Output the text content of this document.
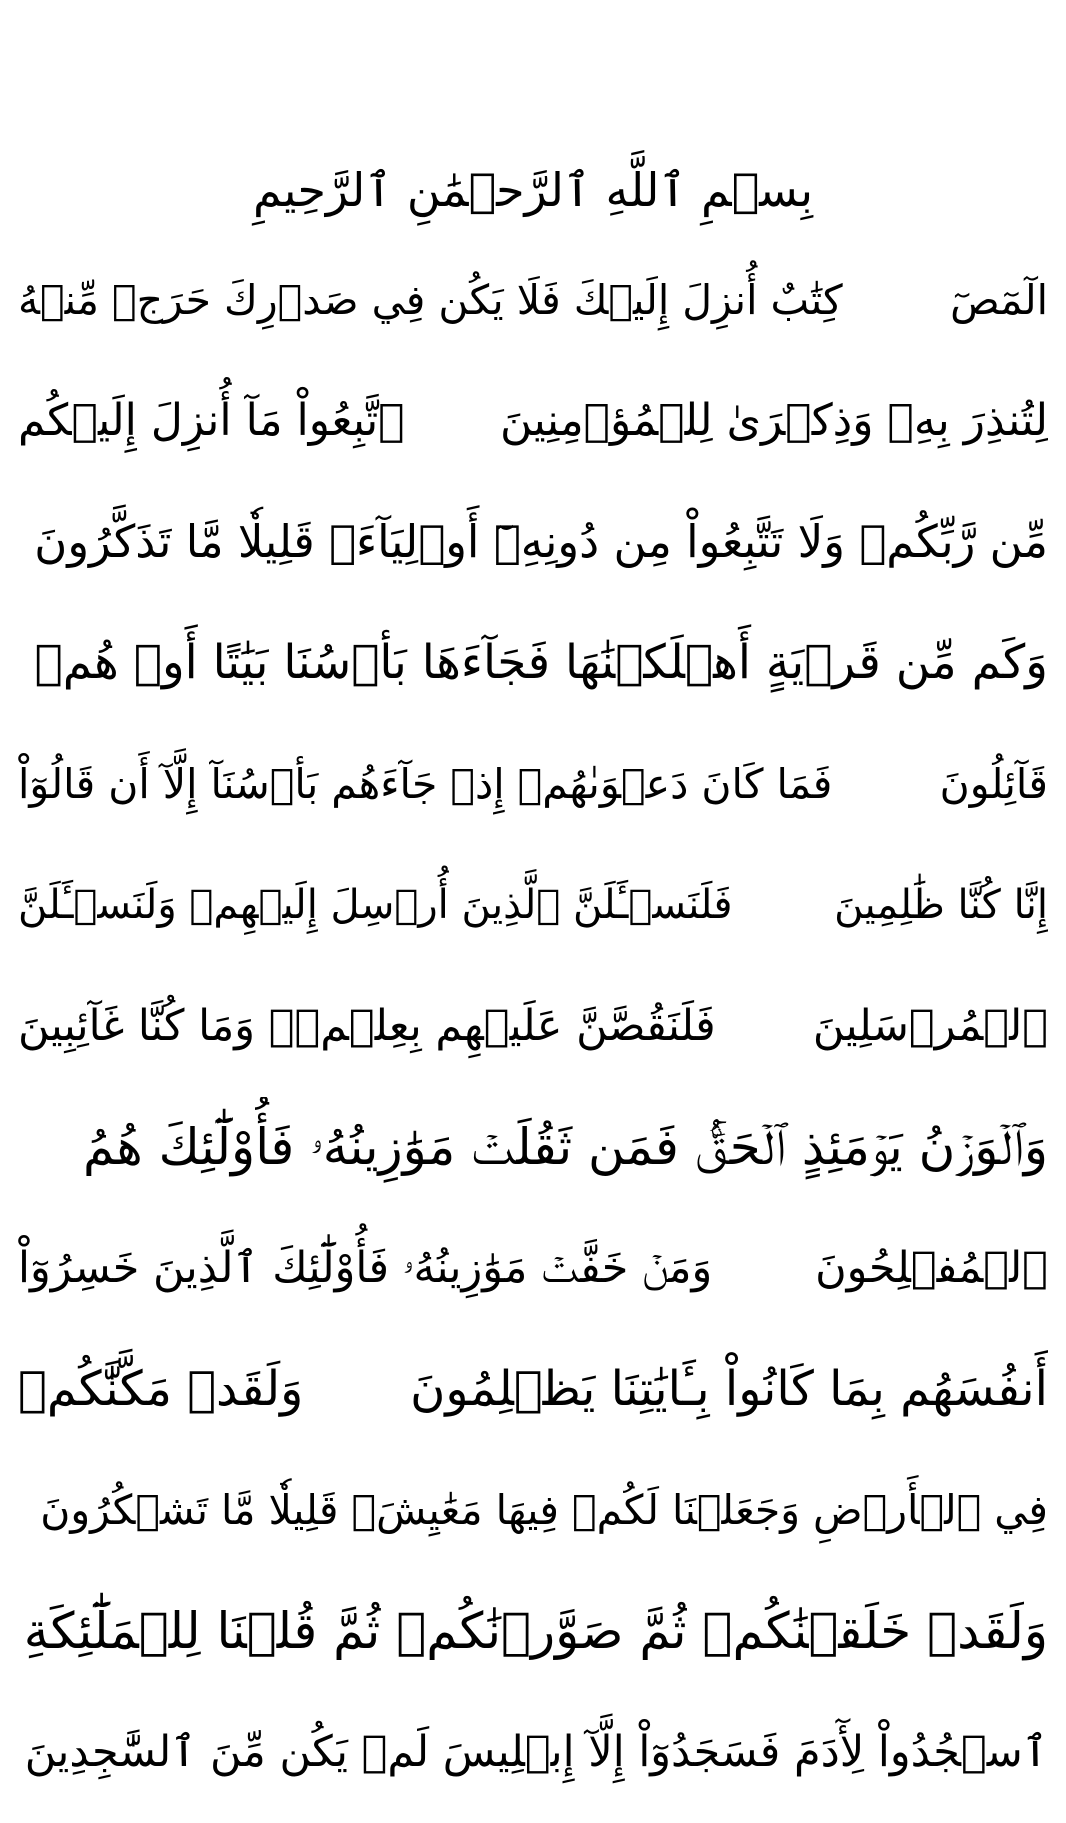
بِسۡمِ ٱللَّهِ ٱلرَّحۡمَٰنِ ٱلرَّحِيمِ
الٓمٓصٓ
كِتَٰبٌ أُنزِلَ إِلَيۡكَ فَلَا يَكُن فِي صَدۡرِكَ حَرَجٞ مِّنۡهُ
لِتُنذِرَ بِهِۦ وَذِكۡرَىٰ لِلۡمُؤۡمِنِينَ
ٱتَّبِعُواْ مَآ أُنزِلَ إِلَيۡكُم
مِّن رَّبِّكُمۡ وَلَا تَتَّبِعُواْ مِن دُونِهِۦٓ أَوۡلِيَآءَۗ قَلِيلٗا مَّا تَذَكَّرُونَ
وَكَم مِّن قَرۡيَةٍ أَهۡلَكۡنَٰهَا فَجَآءَهَا بَأۡسُنَا بَيَٰتًا أَوۡ هُمۡ
قَآئِلُونَ
فَمَا كَانَ دَعۡوَىٰهُمۡ إِذۡ جَآءَهُم بَأۡسُنَآ إِلَّآ أَن قَالُوٓاْ
إِنَّا كُنَّا ظَٰلِمِينَ
فَلَنَسۡـَٔلَنَّ ٱلَّذِينَ أُرۡسِلَ إِلَيۡهِمۡ وَلَنَسۡـَٔلَنَّ
ٱلۡمُرۡسَلِينَ
فَلَنَقُصَّنَّ عَلَيۡهِم بِعِلۡمٖۖ وَمَا كُنَّا غَآئِبِينَ
وَٱلۡوَزۡنُ يَوۡمَئِذٍ ٱلۡحَقُّۚ فَمَن ثَقُلَتۡ مَوَٰزِينُهُۥ فَأُوْلَٰٓئِكَ هُمُ
ٱلۡمُفۡلِحُونَ
وَمَنۡ خَفَّتۡ مَوَٰزِينُهُۥ فَأُوْلَٰٓئِكَ ٱلَّذِينَ خَسِرُوٓاْ
أَنفُسَهُم بِمَا كَانُواْ بِـَٔايَٰتِنَا يَظۡلِمُونَ
وَلَقَدۡ مَكَّنَّٰكُمۡ
فِي ٱلۡأَرۡضِ وَجَعَلۡنَا لَكُمۡ فِيهَا مَعَٰيِشَۗ قَلِيلٗا مَّا تَشۡكُرُونَ
وَلَقَدۡ خَلَقۡنَٰكُمۡ ثُمَّ صَوَّرۡنَٰكُمۡ ثُمَّ قُلۡنَا لِلۡمَلَٰٓئِكَةِ
ٱسۡجُدُواْ لِأٓدَمَ فَسَجَدُوٓاْ إِلَّآ إِبۡلِيسَ لَمۡ يَكُن مِّنَ ٱلسَّٰجِدِينَ
